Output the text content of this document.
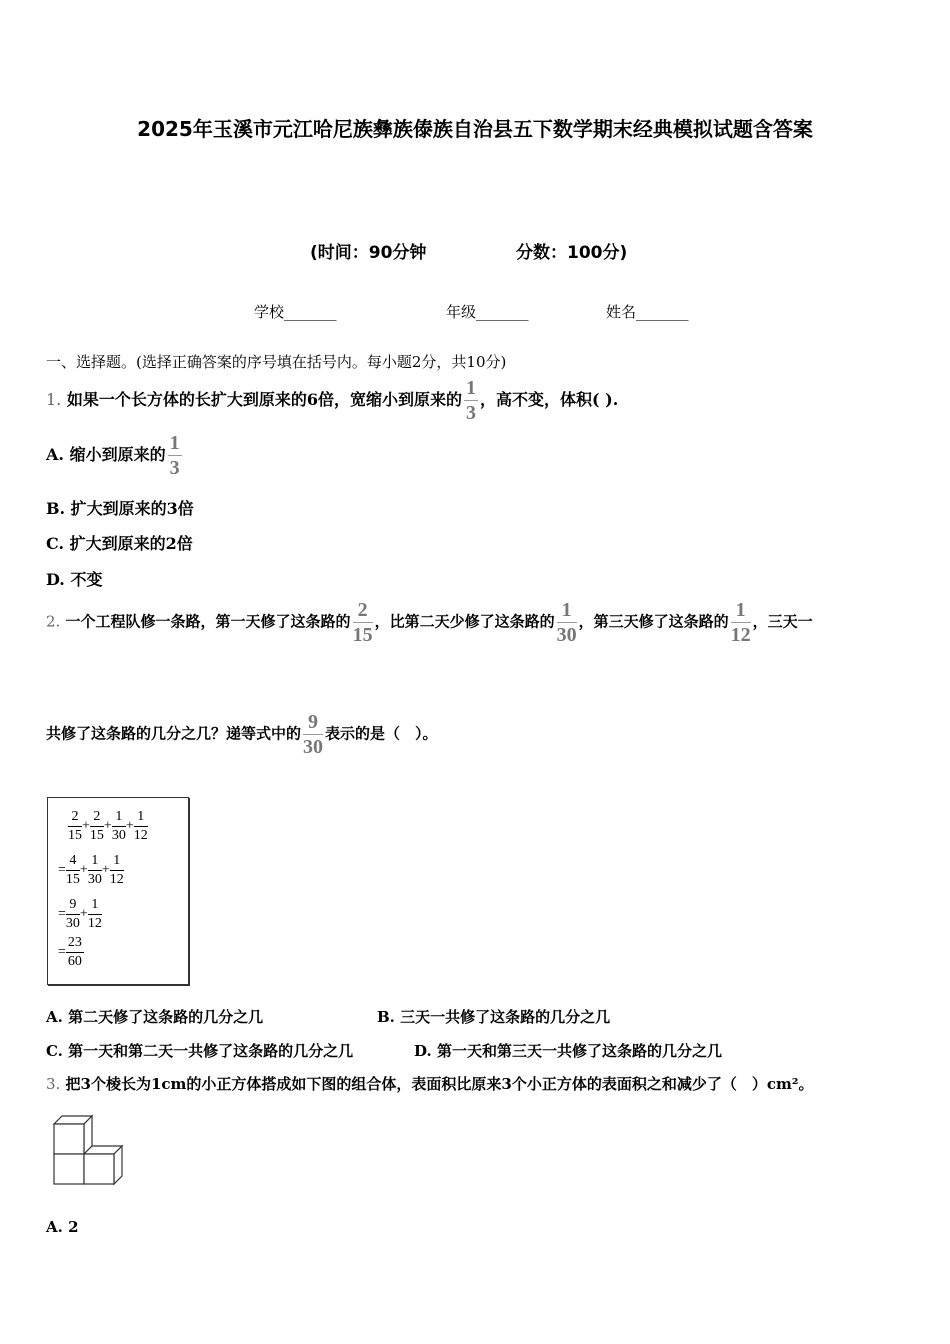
2025年玉溪市元江哈尼族彝族傣族自治县五下数学期末经典模拟试题含答案
(时间：90分钟	分数：100分)
学校_______	年级_______	姓名_______
一、选择题。(选择正确答案的序号填在括号内。每小题2分，共10分)
1. 如果一个长方体的长扩大到原来的6倍，宽缩小到原来的 $\frac{1}{3}$ ，高不变，体积( ).
A. 缩小到原来的 $\frac{1}{3}$
B. 扩大到原来的3倍
C. 扩大到原来的2倍
D. 不变
2. 一个工程队修一条路，第一天修了这条路的 $\frac{2}{15}$ ，比第二天少修了这条路的 $\frac{1}{30}$ ，第三天修了这条路的 $\frac{1}{12}$ ，三天一
共修了这条路的几分之几？递等式中的 $\frac{9}{30}$ 表示的是（　）。
$\frac{2}{15} + \frac{2}{15} + \frac{1}{30} + \frac{1}{12}$
= $\frac{4}{15} + \frac{1}{30} + \frac{1}{12}$
= $\frac{9}{30} + \frac{1}{12}$
= $\frac{23}{60}$
A. 第二天修了这条路的几分之几	B. 三天一共修了这条路的几分之几
C. 第一天和第二天一共修了这条路的几分之几	D. 第一天和第三天一共修了这条路的几分之几
3. 把3个棱长为1cm的小正方体搭成如下图的组合体，表面积比原来3个小正方体的表面积之和减少了（　）cm²。
A. 2
